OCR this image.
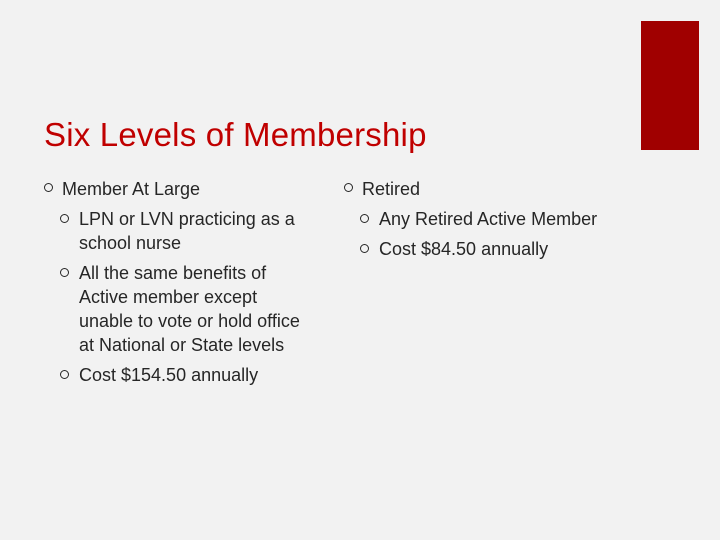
Six Levels of Membership
Member At Large
LPN or LVN practicing as a school nurse
All the same benefits of Active member except unable to vote or hold office at National or State levels
Cost $154.50 annually
Retired
Any Retired Active Member
Cost $84.50 annually
